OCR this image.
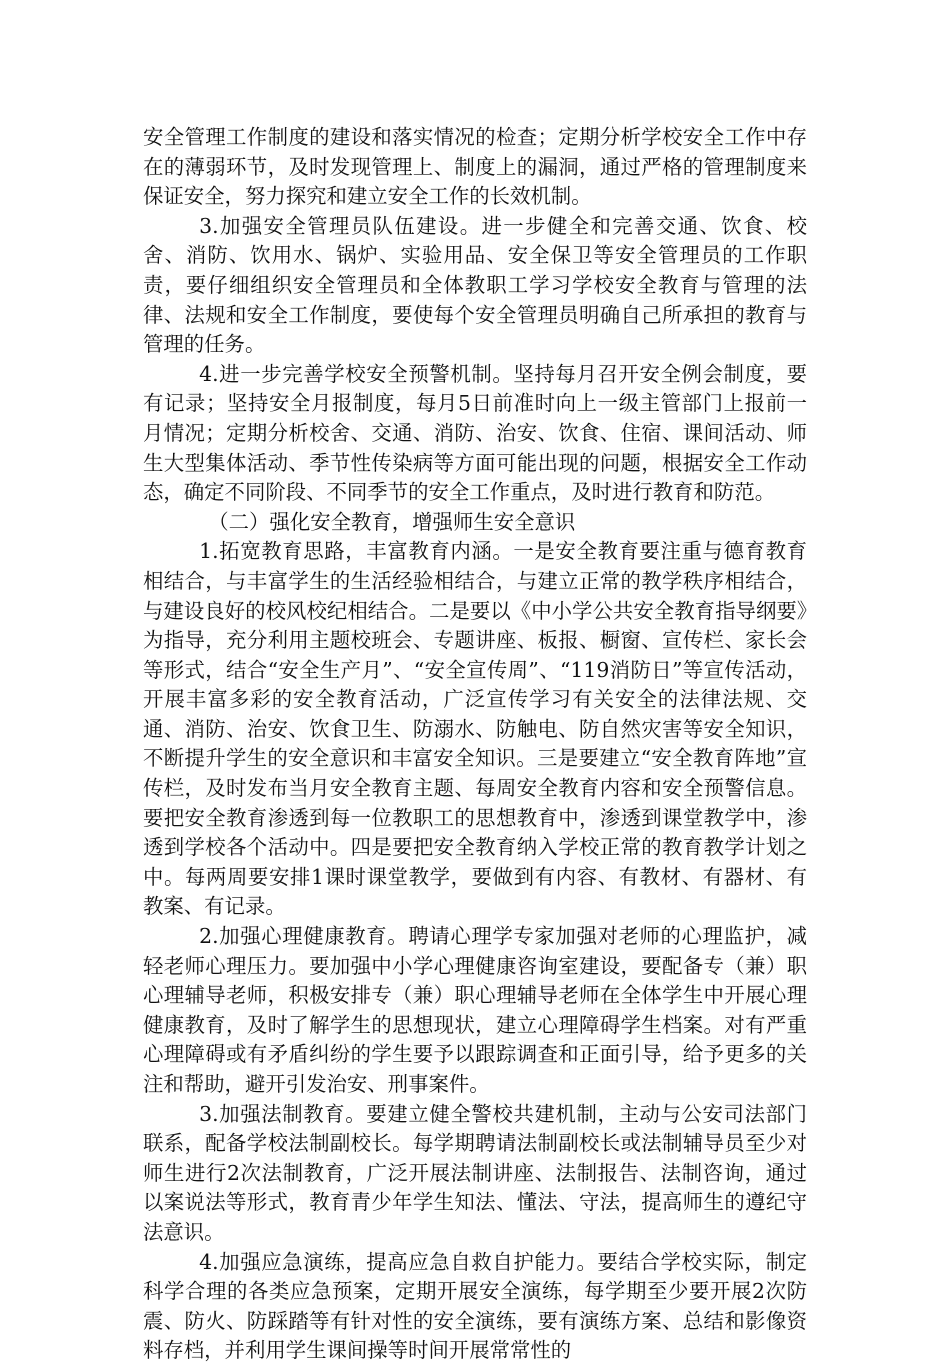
安全管理工作制度的建设和落实情况的检查；定期分析学校安全工作中存在的薄弱环节，及时发现管理上、制度上的漏洞，通过严格的管理制度来保证安全，努力探究和建立安全工作的长效机制。

3.加强安全管理员队伍建设。进一步健全和完善交通、饮食、校舍、消防、饮用水、锅炉、实验用品、安全保卫等安全管理员的工作职责，要仔细组织安全管理员和全体教职工学习学校安全教育与管理的法律、法规和安全工作制度，要使每个安全管理员明确自己所承担的教育与管理的任务。

4.进一步完善学校安全预警机制。坚持每月召开安全例会制度，要有记录；坚持安全月报制度，每月5日前准时向上一级主管部门上报前一月情况；定期分析校舍、交通、消防、治安、饮食、住宿、课间活动、师生大型集体活动、季节性传染病等方面可能出现的问题，根据安全工作动态，确定不同阶段、不同季节的安全工作重点，及时进行教育和防范。

（二）强化安全教育，增强师生安全意识

1.拓宽教育思路，丰富教育内涵。一是安全教育要注重与德育教育相结合，与丰富学生的生活经验相结合，与建立正常的教学秩序相结合，与建设良好的校风校纪相结合。二是要以《中小学公共安全教育指导纲要》为指导，充分利用主题校班会、专题讲座、板报、橱窗、宣传栏、家长会等形式，结合“安全生产月”、“安全宣传周”、“119消防日”等宣传活动，开展丰富多彩的安全教育活动，广泛宣传学习有关安全的法律法规、交通、消防、治安、饮食卫生、防溺水、防触电、防自然灾害等安全知识，不断提升学生的安全意识和丰富安全知识。三是要建立“安全教育阵地”宣传栏，及时发布当月安全教育主题、每周安全教育内容和安全预警信息。要把安全教育渗透到每一位教职工的思想教育中，渗透到课堂教学中，渗透到学校各个活动中。四是要把安全教育纳入学校正常的教育教学计划之中。每两周要安排1课时课堂教学，要做到有内容、有教材、有器材、有教案、有记录。

2.加强心理健康教育。聘请心理学专家加强对老师的心理监护，减轻老师心理压力。要加强中小学心理健康咨询室建设，要配备专（兼）职心理辅导老师，积极安排专（兼）职心理辅导老师在全体学生中开展心理健康教育，及时了解学生的思想现状，建立心理障碍学生档案。对有严重心理障碍或有矛盾纠纷的学生要予以跟踪调查和正面引导，给予更多的关注和帮助，避开引发治安、刑事案件。

3.加强法制教育。要建立健全警校共建机制，主动与公安司法部门联系，配备学校法制副校长。每学期聘请法制副校长或法制辅导员至少对师生进行2次法制教育，广泛开展法制讲座、法制报告、法制咨询，通过以案说法等形式，教育青少年学生知法、懂法、守法，提高师生的遵纪守法意识。

4.加强应急演练，提高应急自救自护能力。要结合学校实际，制定科学合理的各类应急预案，定期开展安全演练，每学期至少要开展2次防震、防火、防踩踏等有针对性的安全演练，要有演练方案、总结和影像资料存档，并利用学生课间操等时间开展常常性的
